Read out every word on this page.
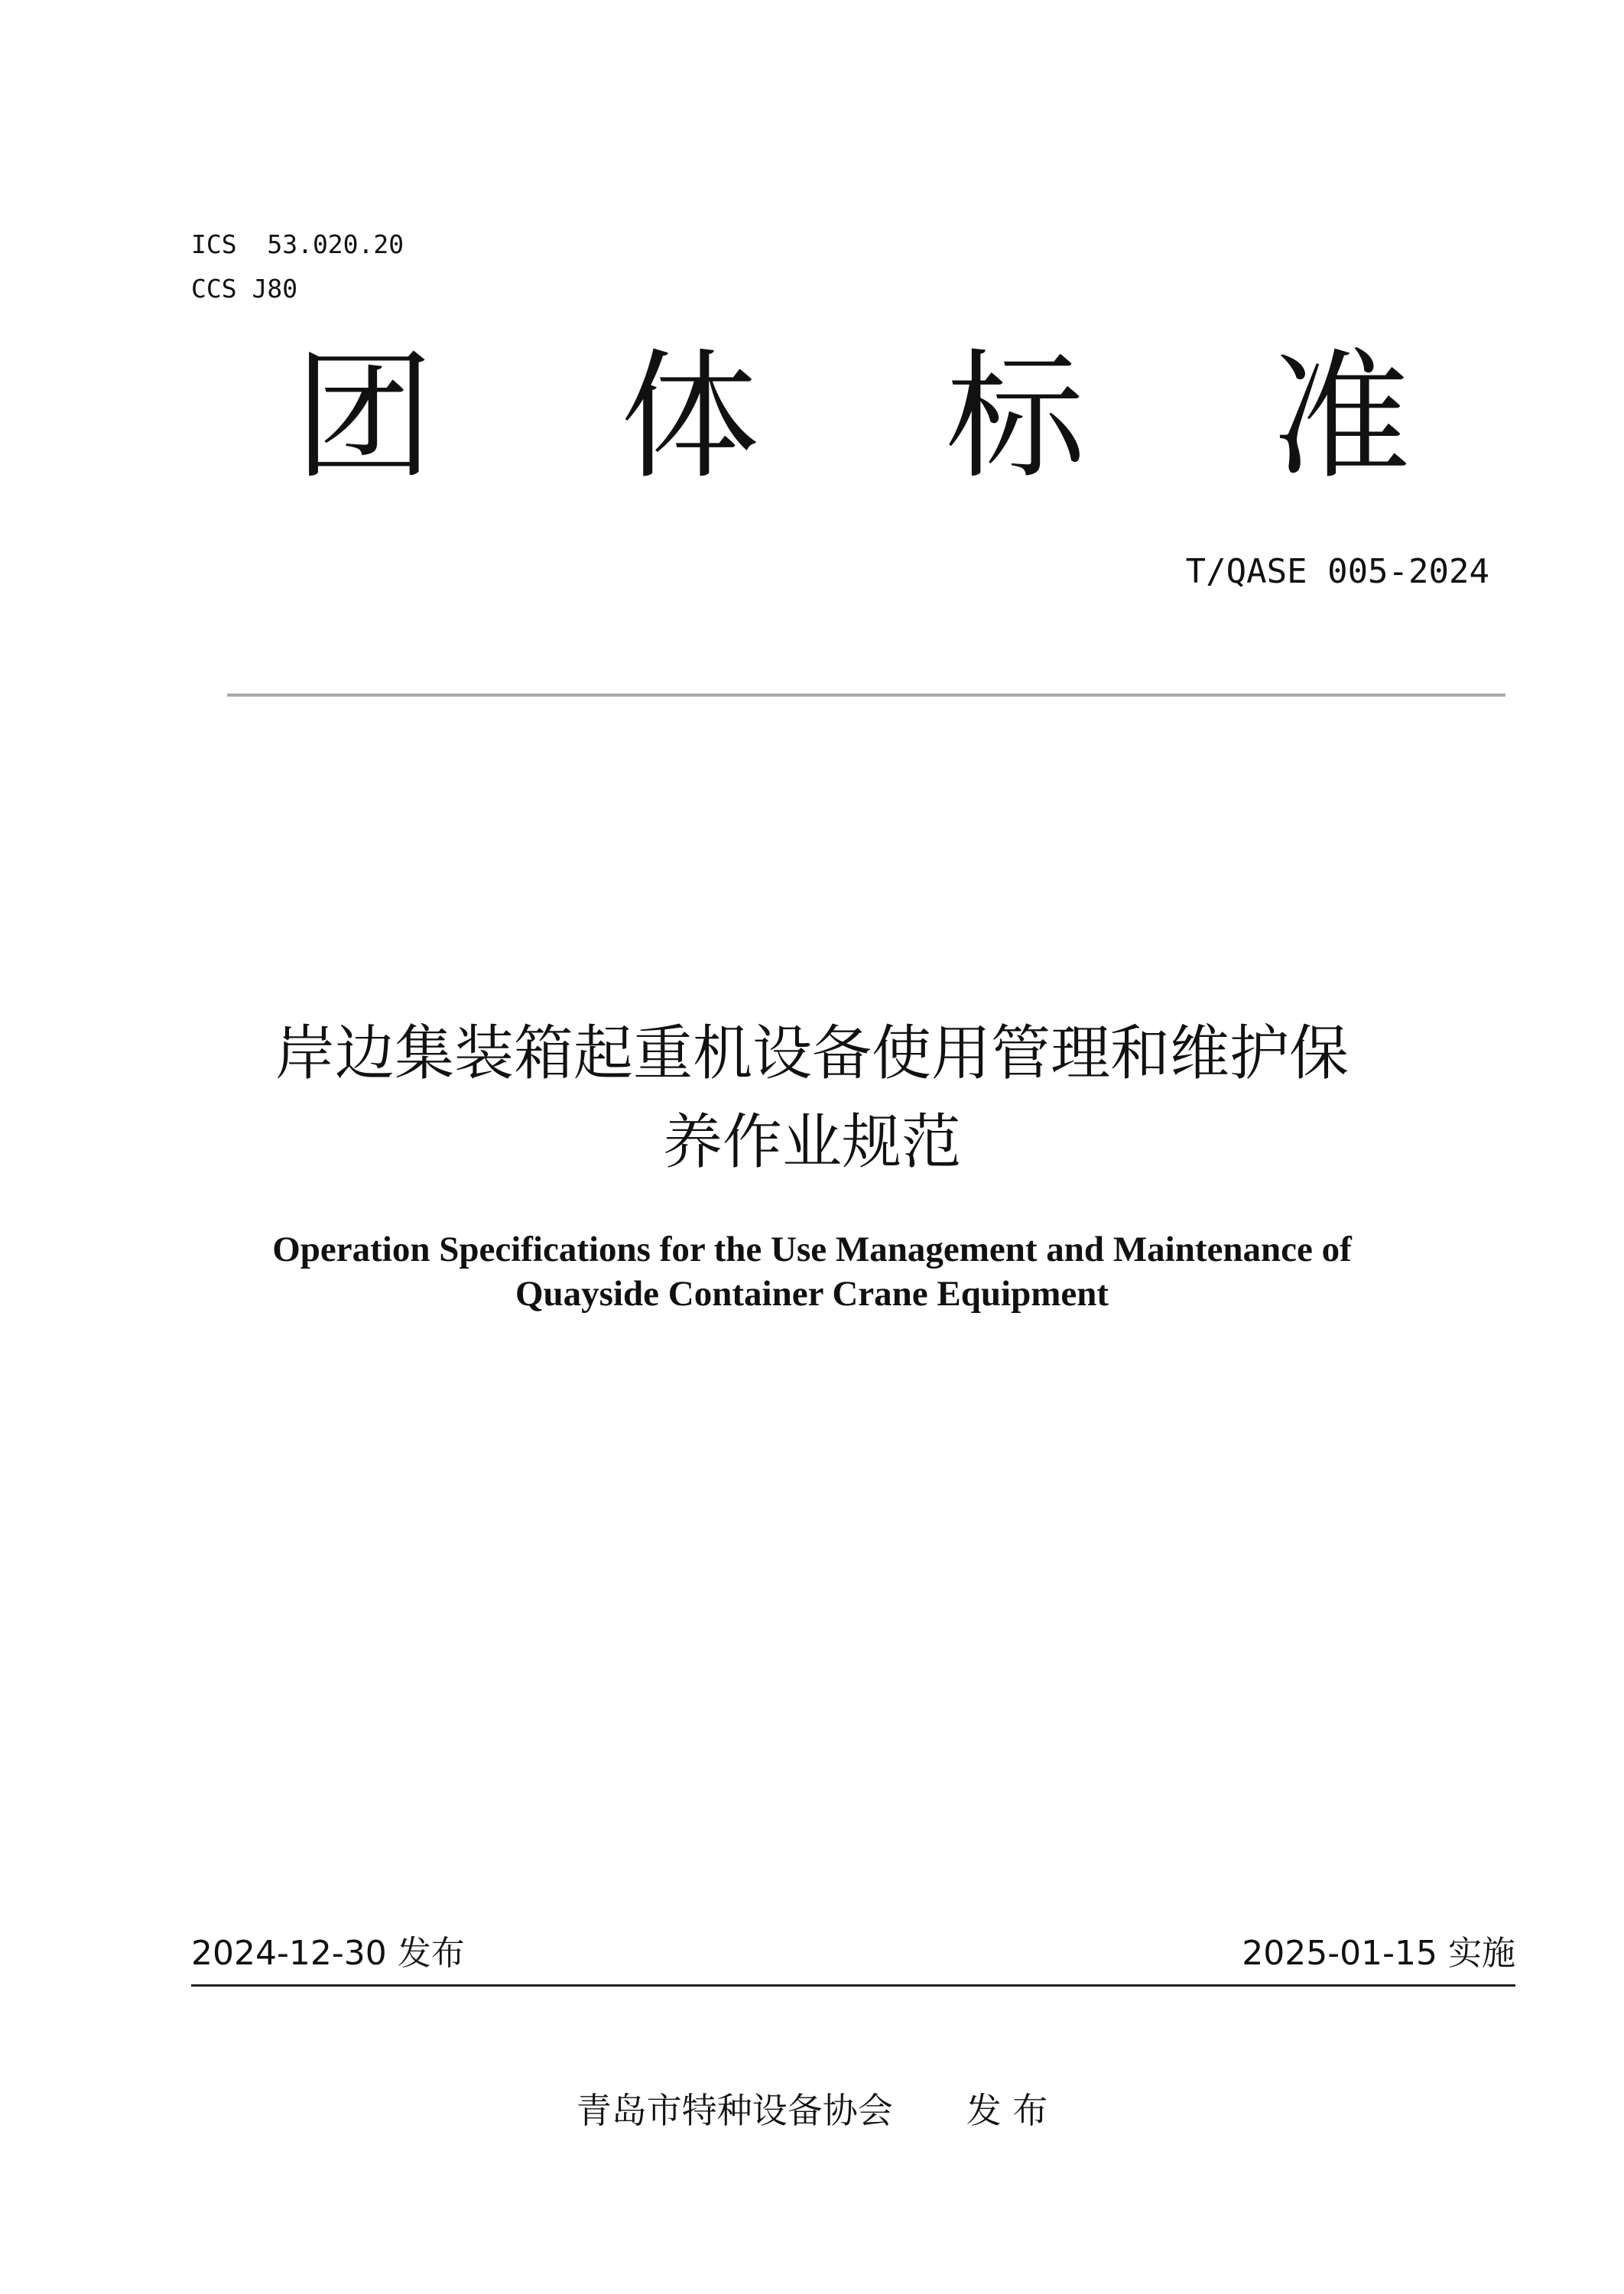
ICS  53.020.20
CCS J80
团 体 标 准
T/QASE 005-2024
岸边集装箱起重机设备使用管理和维护保
养作业规范
Operation Specifications for the Use Management and Maintenance of
Quayside Container Crane Equipment
2024-12-30 发布	2025-01-15 实施
青岛市特种设备协会 发 布
